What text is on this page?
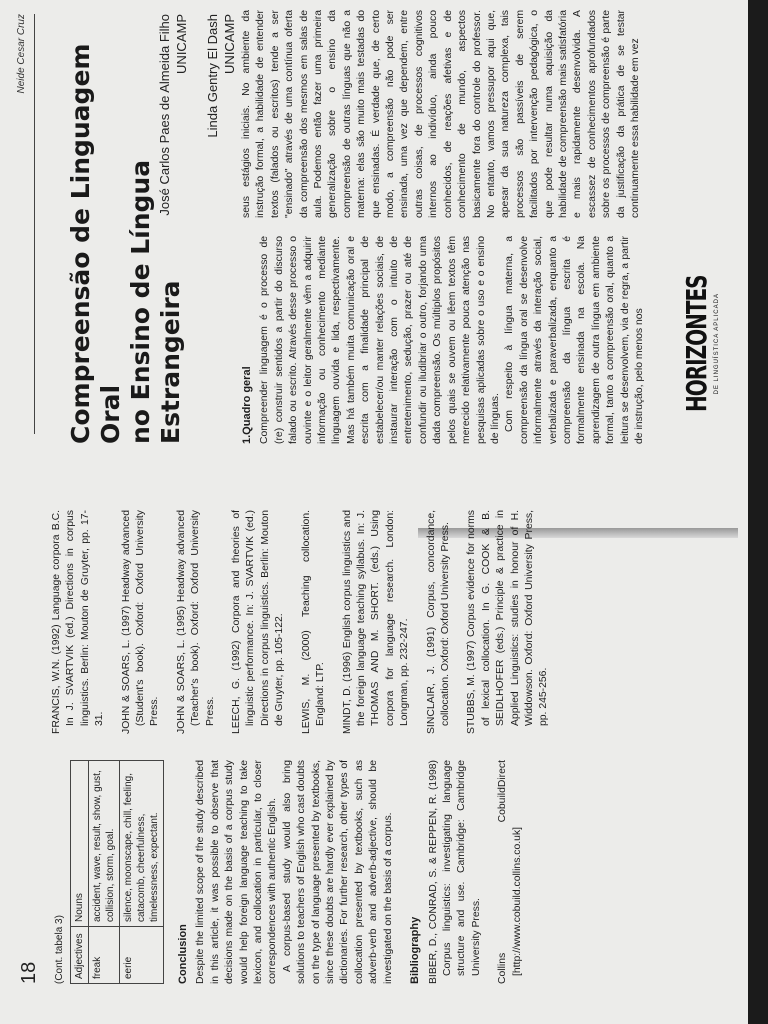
18
Neide Cesar Cruz
(Cont. tabela 3) Adjectives	Nouns
freak	accident, wave, result, show, gust, collision, storm, goal.
eerie	silence, moonscape, chill, feeling, catacomb, cheerfulness, timelessness, expectant.
Conclusion Despite the limited scope of the study described in this article, it was possible to observe that decisions made on the basis of a corpus study would help foreign language teaching to take lexicon, and collocation in particular, to closer correspondences with authentic English. A corpus-based study would also bring solutions to teachers of English who cast doubts on the type of language presented by textbooks, since these doubts are hardly ever explained by dictionaries. For further research, other types of collocation presented by textbooks, such as adverb-verb and adverb-adjective, should be investigated on the basis of a corpus. Bibliography BIBER, D., CONRAD, S. & REPPEN, R. (1998) Corpus linguistics: investigating language structure and use. Cambridge: Cambridge University Press. Collins CobuildDirect [http://www.cobuild.collins.co.uk]

FRANCIS, W.N. (1992) Language corpora B.C. In J. SVARTVIK (ed.) Directions in corpus linguistics. Berlin: Mouton de Gruyter, pp. 17-31. JOHN & SOARS, L. (1997) Headway advanced (Student's book). Oxford: Oxford University Press. JOHN & SOARS, L. (1995) Headway advanced (Teacher's book). Oxford: Oxford University Press. LEECH, G. (1992) Corpora and theories of linguistic performance. In: J. SVARTVIK (ed.) Directions in corpus linguistics. Berlin: Mouton de Gruyter, pp. 105-122. LEWIS, M. (2000) Teaching collocation. England: LTP. MINDT, D. (1996) English corpus linguistics and the foreign language teaching syllabus. In: J. THOMAS AND M. SHORT. (eds.) Using corpora for language research. London: Longman, pp. 232-247. SINCLAIR, J. (1991) Corpus, concordance, collocation. Oxford: Oxford University Press. STUBBS, M. (1997) Corpus evidence for norms of lexical collocation. In G. COOK & B. SEIDLHOFER (eds.) Principle & practice in Applied Linguistics: studies in honour of H. Widdowson. Oxford: Oxford University Press, pp. 245-256.

HORIZONTES DE LINGUÍSTICA APLICADA
Compreensão de Linguagem Oral no Ensino de Língua Estrangeira
José Carlos Paes de Almeida Filho UNICAMP Linda Gentry El Dash UNICAMP
1.Quadro geral Compreender linguagem é o processo de (re) construir sentidos a partir do discurso falado ou escrito. Através desse processo o ouvinte e o leitor geralmente vêm a adquirir informação ou conhecimento mediante linguagem ouvida e lida, respectivamente. Mas há também muita comunicação oral e escrita com a finalidade principal de estabelecer/ou manter relações sociais, de instaurar interação com o intuito de entretenimento, sedução, prazer ou até de confundir ou iludibriar o outro, forjando uma dada compreensão. Os múltiplos propósitos pelos quais se ouvem ou lêem textos têm merecido relativamente pouca atenção nas pesquisas aplicadas sobre o uso e o ensino de línguas. Com respeito à língua materna, a compreensão da língua oral se desenvolve informalmente através da interação social, verbalizada e paraverbalizada, enquanto a compreensão da língua escrita é formalmente ensinada na escola. Na aprendizagem de outra língua em ambiente formal, tanto a compreensão oral, quanto a leitura se desenvolvem, via de regra, a partir de instrução, pelo menos nos

seus estágios iniciais. No ambiente da instrução formal, a habilidade de entender textos (falados ou escritos) tende a ser "ensinado" através de uma contínua oferta da compreensão dos mesmos em salas de aula. Podemos então fazer uma primeira generalização sobre o ensino da compreensão de outras línguas que não a materna: elas são muito mais testadas do que ensinadas. É verdade que, de certo modo, a compreensão não pode ser ensinada, uma vez que dependem, entre outras coisas, de processos cognitivos internos ao indivíduo, ainda pouco conhecidos, de reações afetivas e de conhecimento de mundo, aspectos basicamente fora do controle do professor. No entanto, vamos pressupor aqui que, apesar da sua natureza complexa, tais processos são passíveis de serem facilitados por intervenção pedagógica, o que pode resultar numa aquisição da habilidade de compreensão mais satisfatória e mais rapidamente desenvolvida. A escassez de conhecimentos aprofundados sobre os processos de compreensão é parte da justificação da prática de se testar continuamente essa habilidade em vez
